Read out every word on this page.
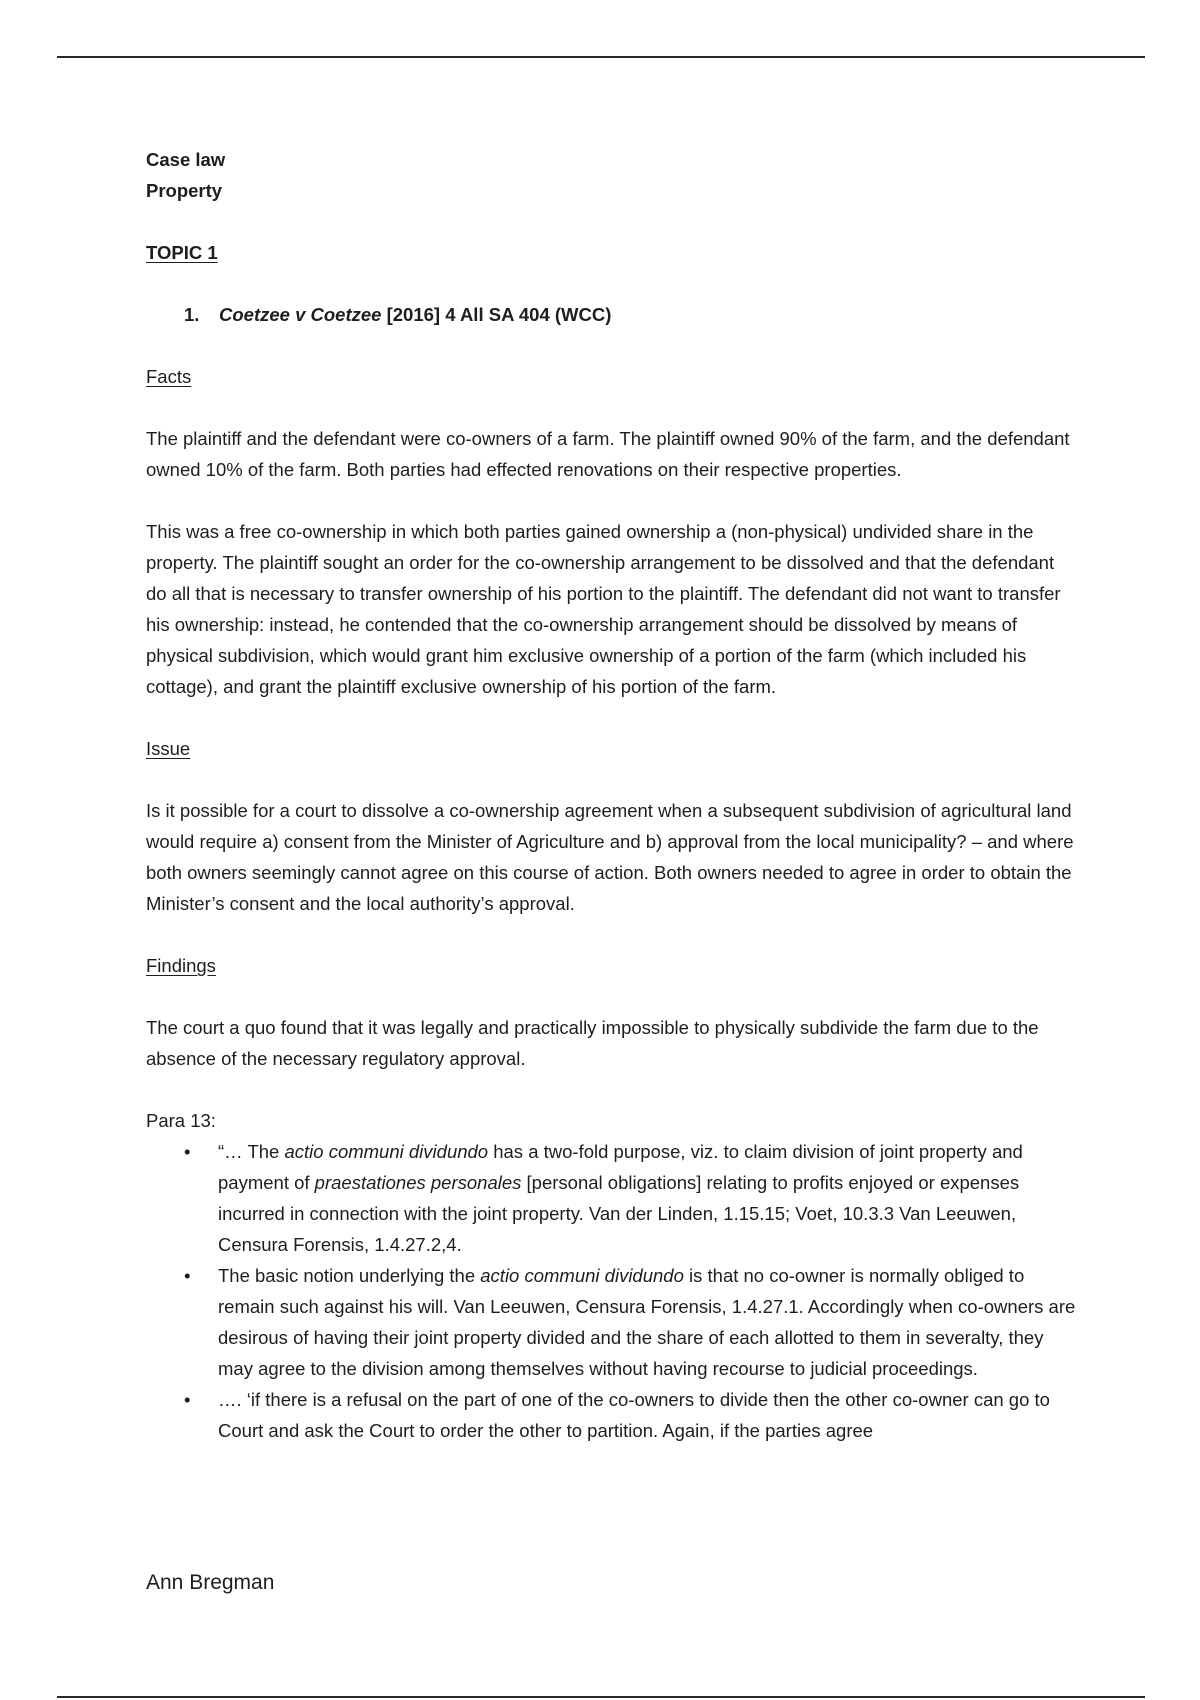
Case law

Property

TOPIC 1

1. Coetzee v Coetzee [2016] 4 All SA 404 (WCC)

Facts

The plaintiff and the defendant were co-owners of a farm. The plaintiff owned 90% of the farm, and the defendant owned 10% of the farm. Both parties had effected renovations on their respective properties.

This was a free co-ownership in which both parties gained ownership a (non-physical) undivided share in the property. The plaintiff sought an order for the co-ownership arrangement to be dissolved and that the defendant do all that is necessary to transfer ownership of his portion to the plaintiff. The defendant did not want to transfer his ownership: instead, he contended that the co-ownership arrangement should be dissolved by means of physical subdivision, which would grant him exclusive ownership of a portion of the farm (which included his cottage), and grant the plaintiff exclusive ownership of his portion of the farm.

Issue

Is it possible for a court to dissolve a co-ownership agreement when a subsequent subdivision of agricultural land would require a) consent from the Minister of Agriculture and b) approval from the local municipality? – and where both owners seemingly cannot agree on this course of action. Both owners needed to agree in order to obtain the Minister’s consent and the local authority’s approval.

Findings

The court a quo found that it was legally and practically impossible to physically subdivide the farm due to the absence of the necessary regulatory approval.

Para 13:

• “… The actio communi dividundo has a two-fold purpose, viz. to claim division of joint property and payment of praestationes personales [personal obligations] relating to profits enjoyed or expenses incurred in connection with the joint property. Van der Linden, 1.15.15; Voet, 10.3.3 Van Leeuwen, Censura Forensis, 1.4.27.2,4.
• The basic notion underlying the actio communi dividundo is that no co-owner is normally obliged to remain such against his will. Van Leeuwen, Censura Forensis, 1.4.27.1. Accordingly when co-owners are desirous of having their joint property divided and the share of each allotted to them in severalty, they may agree to the division among themselves without having recourse to judicial proceedings.
• …. ‘if there is a refusal on the part of one of the co-owners to divide then the other co-owner can go to Court and ask the Court to order the other to partition. Again, if the parties agree
Ann Bregman
